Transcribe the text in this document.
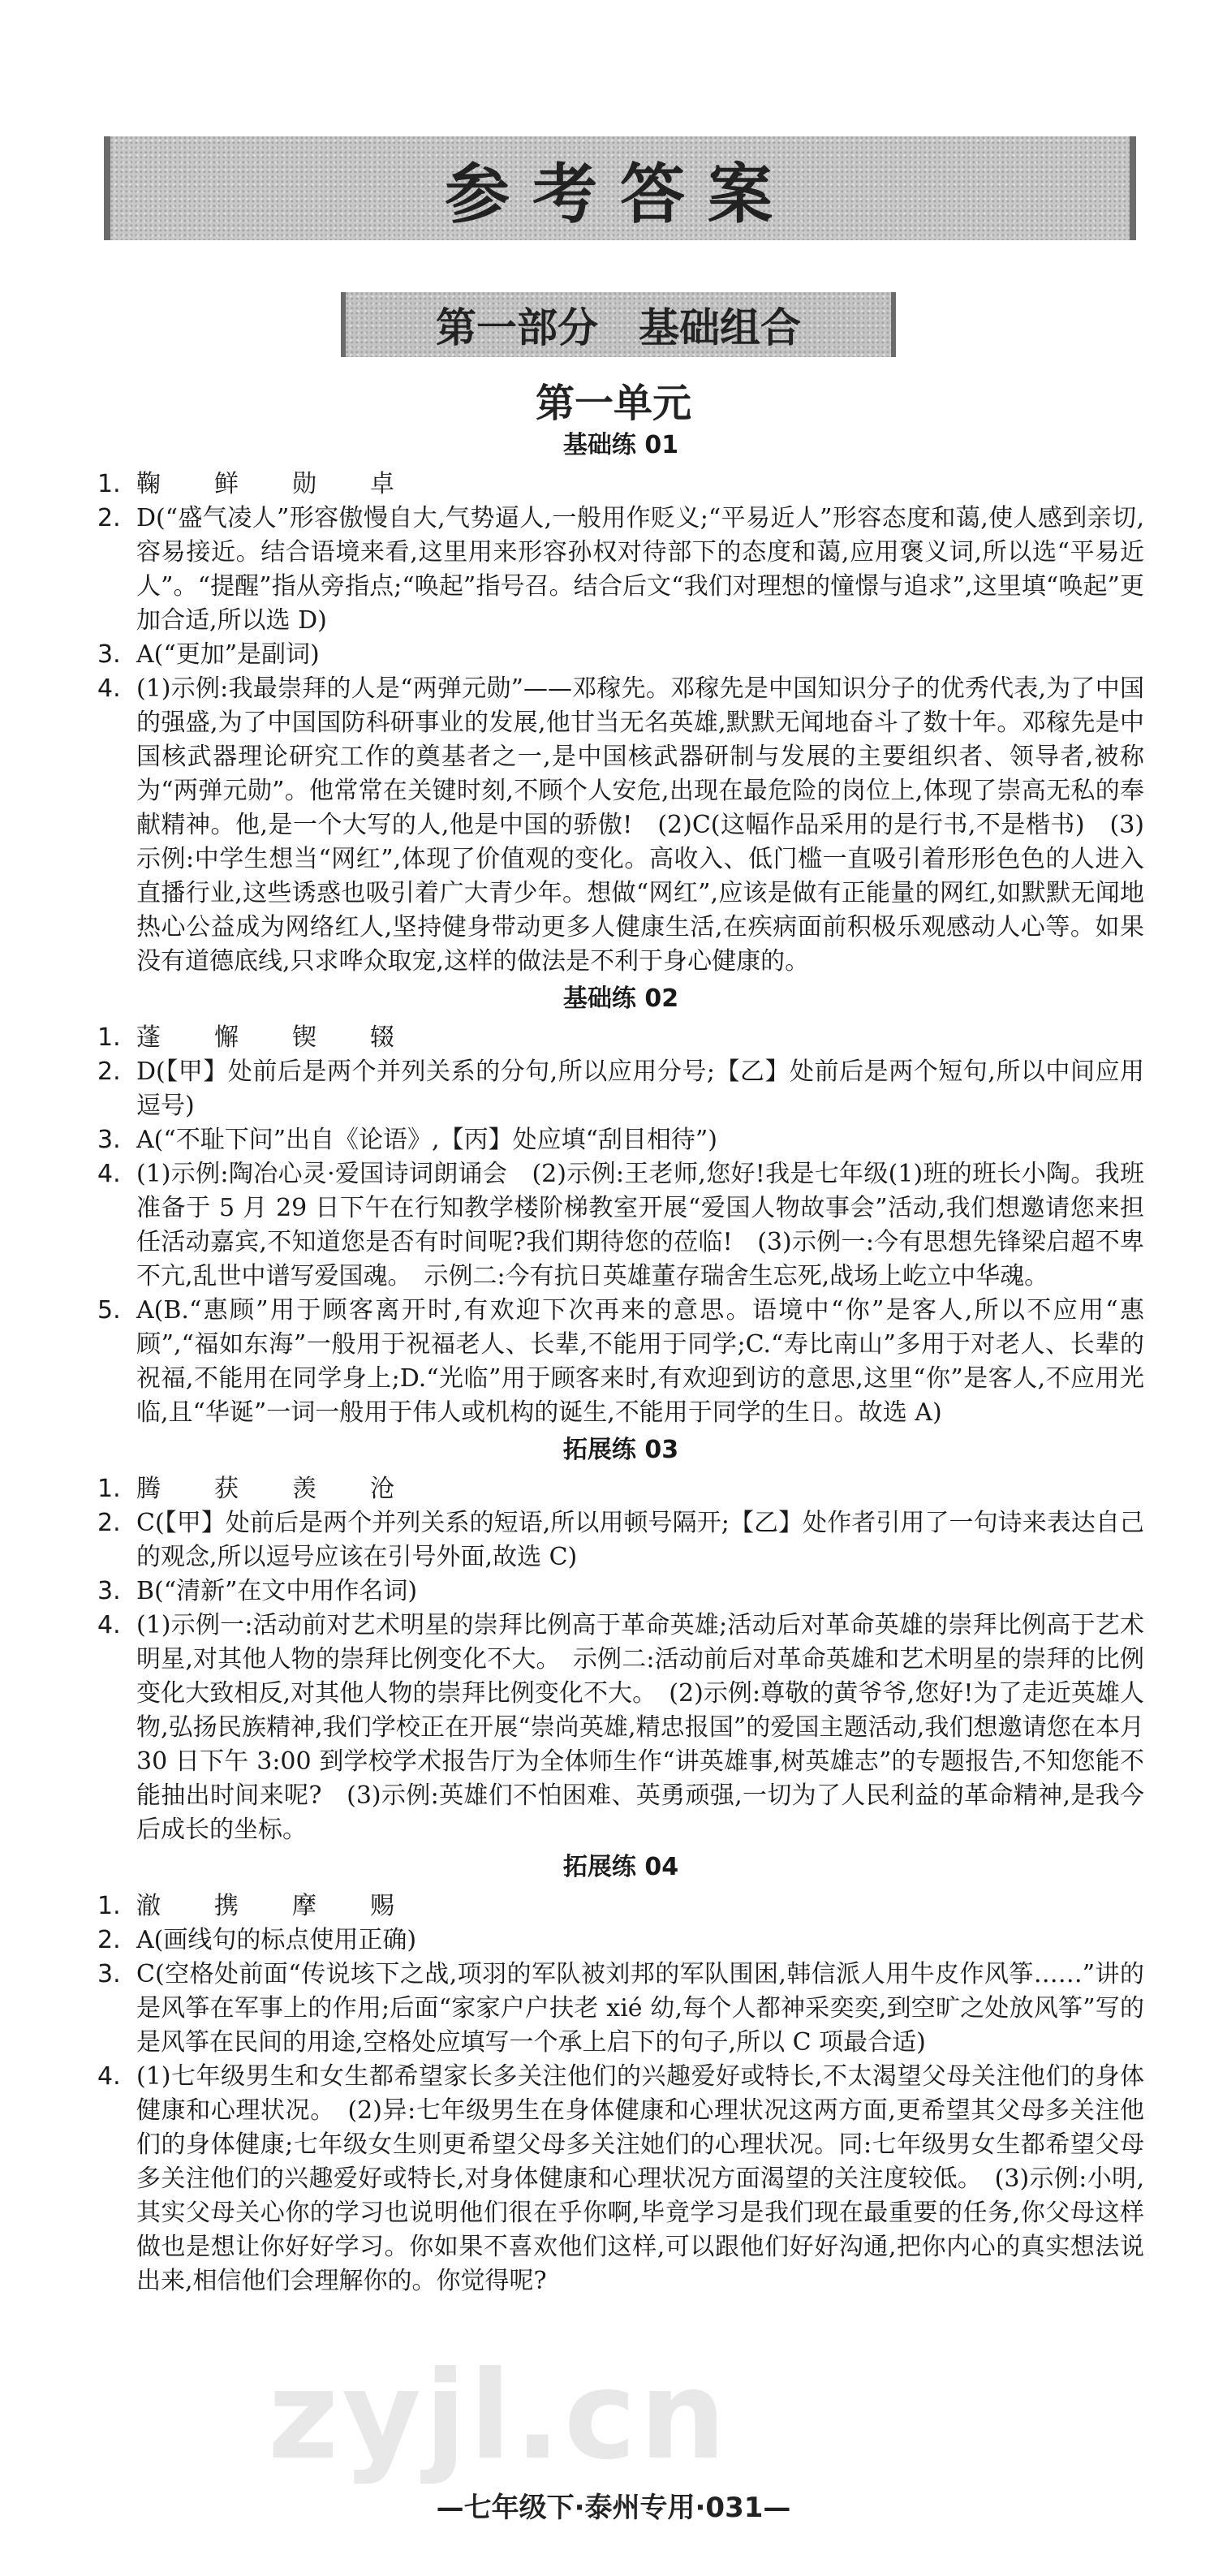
参考答案
第一部分　基础组合
第一单元
基础练 01
1. 鞠　鲜　勋　卓
2. D(“盛气凌人”形容傲慢自大,气势逼人,一般用作贬义;“平易近人”形容态度和蔼,使人感到亲切,容易接近。结合语境来看,这里用来形容孙权对待部下的态度和蔼,应用褒义词,所以选“平易近人”。“提醒”指从旁指点;“唤起”指号召。结合后文“我们对理想的憧憬与追求”,这里填“唤起”更加合适,所以选 D)
3. A(“更加”是副词)
4. (1)示例:我最崇拜的人是“两弹元勋”——邓稼先。邓稼先是中国知识分子的优秀代表,为了中国的强盛,为了中国国防科研事业的发展,他甘当无名英雄,默默无闻地奋斗了数十年。邓稼先是中国核武器理论研究工作的奠基者之一,是中国核武器研制与发展的主要组织者、领导者,被称为“两弹元勋”。他常常在关键时刻,不顾个人安危,出现在最危险的岗位上,体现了崇高无私的奉献精神。他,是一个大写的人,他是中国的骄傲!　(2)C(这幅作品采用的是行书,不是楷书)　(3)示例:中学生想当“网红”,体现了价值观的变化。高收入、低门槛一直吸引着形形色色的人进入直播行业,这些诱惑也吸引着广大青少年。想做“网红”,应该是做有正能量的网红,如默默无闻地热心公益成为网络红人,坚持健身带动更多人健康生活,在疾病面前积极乐观感动人心等。如果没有道德底线,只求哗众取宠,这样的做法是不利于身心健康的。
基础练 02
1. 蓬　懈　锲　辍
2. D(【甲】处前后是两个并列关系的分句,所以应用分号;【乙】处前后是两个短句,所以中间应用逗号)
3. A(“不耻下问”出自《论语》,【丙】处应填“刮目相待”)
4. (1)示例:陶冶心灵·爱国诗词朗诵会　(2)示例:王老师,您好!我是七年级(1)班的班长小陶。我班准备于 5 月 29 日下午在行知教学楼阶梯教室开展“爱国人物故事会”活动,我们想邀请您来担任活动嘉宾,不知道您是否有时间呢?我们期待您的莅临!　(3)示例一:今有思想先锋梁启超不卑不亢,乱世中谱写爱国魂。　示例二:今有抗日英雄董存瑞舍生忘死,战场上屹立中华魂。
5. A(B.“惠顾”用于顾客离开时,有欢迎下次再来的意思。语境中“你”是客人,所以不应用“惠顾”,“福如东海”一般用于祝福老人、长辈,不能用于同学;C.“寿比南山”多用于对老人、长辈的祝福,不能用在同学身上;D.“光临”用于顾客来时,有欢迎到访的意思,这里“你”是客人,不应用光临,且“华诞”一词一般用于伟人或机构的诞生,不能用于同学的生日。故选 A)
拓展练 03
1. 腾　获　羡　沧
2. C(【甲】处前后是两个并列关系的短语,所以用顿号隔开;【乙】处作者引用了一句诗来表达自己的观念,所以逗号应该在引号外面,故选 C)
3. B(“清新”在文中用作名词)
4. (1)示例一:活动前对艺术明星的崇拜比例高于革命英雄;活动后对革命英雄的崇拜比例高于艺术明星,对其他人物的崇拜比例变化不大。　示例二:活动前后对革命英雄和艺术明星的崇拜的比例变化大致相反,对其他人物的崇拜比例变化不大。　(2)示例:尊敬的黄爷爷,您好!为了走近英雄人物,弘扬民族精神,我们学校正在开展“崇尚英雄,精忠报国”的爱国主题活动,我们想邀请您在本月 30 日下午 3:00 到学校学术报告厅为全体师生作“讲英雄事,树英雄志”的专题报告,不知您能不能抽出时间来呢?　(3)示例:英雄们不怕困难、英勇顽强,一切为了人民利益的革命精神,是我今后成长的坐标。
拓展练 04
1. 澈　携　摩　赐
2. A(画线句的标点使用正确)
3. C(空格处前面“传说垓下之战,项羽的军队被刘邦的军队围困,韩信派人用牛皮作风筝……”讲的是风筝在军事上的作用;后面“家家户户扶老 xié 幼,每个人都神采奕奕,到空旷之处放风筝”写的是风筝在民间的用途,空格处应填写一个承上启下的句子,所以 C 项最合适)
4. (1)七年级男生和女生都希望家长多关注他们的兴趣爱好或特长,不太渴望父母关注他们的身体健康和心理状况。　(2)异:七年级男生在身体健康和心理状况这两方面,更希望其父母多关注他们的身体健康;七年级女生则更希望父母多关注她们的心理状况。同:七年级男女生都希望父母多关注他们的兴趣爱好或特长,对身体健康和心理状况方面渴望的关注度较低。　(3)示例:小明,其实父母关心你的学习也说明他们很在乎你啊,毕竟学习是我们现在最重要的任务,你父母这样做也是想让你好好学习。你如果不喜欢他们这样,可以跟他们好好沟通,把你内心的真实想法说出来,相信他们会理解你的。你觉得呢?
zyjl.cn
—七年级下·泰州专用·031—
